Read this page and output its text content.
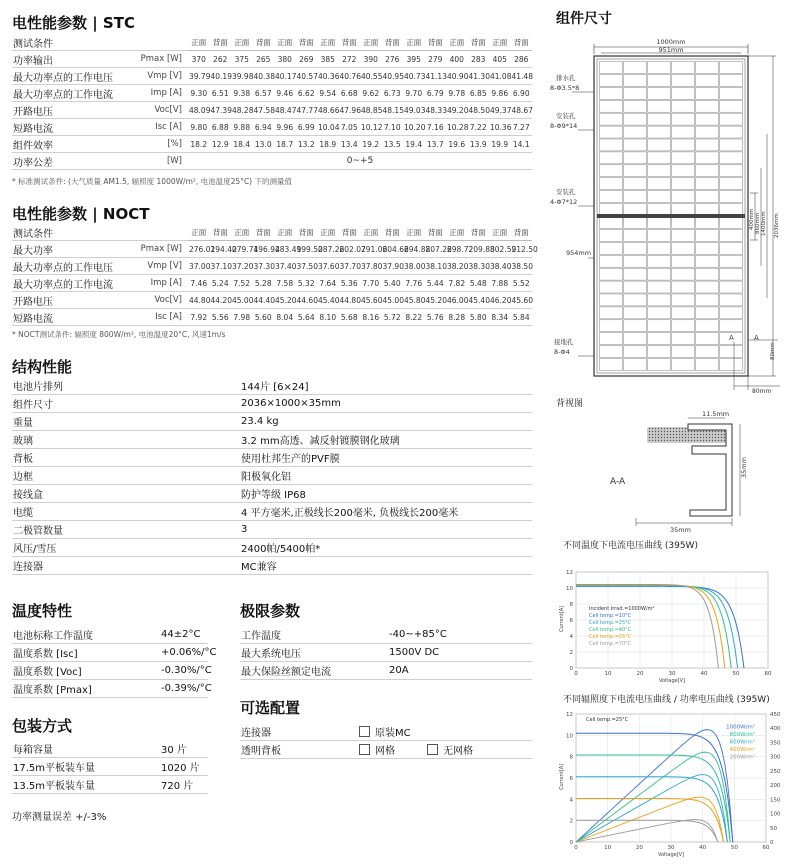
电性能参数 | STC
测试条件		正面	背面	正面	背面	正面	背面	正面	背面	正面	背面	正面	背面	正面	背面	正面	背面
功率输出	Pmax [W]	370	262	375	265	380	269	385	272	390	276	395	279	400	283	405	286
最大功率点的工作电压	Vmp [V]	39.79	40.19	39.98	40.38	40.17	40.57	40.36	40.76	40.55	40.95	40.73	41.13	40.90	41.30	41.08	41.48
最大功率点的工作电流	Imp [A]	9.30	6.51	9.38	6.57	9.46	6.62	9.54	6.68	9.62	6.73	9.70	6.79	9.78	6.85	9.86	6.90
开路电压	Voc[V]	48.09	47.39	48.28	47.58	48.47	47.77	48.66	47.96	48.85	48.15	49.03	48.33	49.20	48.50	49.37	48.67
短路电流	Isc [A]	9.80	6.88	9.88	6.94	9.96	6.99	10.04	7.05	10.12	7.10	10.20	7.16	10.28	7.22	10.36	7.27
组件效率	[%]	18.2	12.9	18.4	13.0	18.7	13.2	18.9	13.4	19.2	13.5	19.4	13.7	19.6	13.9	19.9	14.1
功率公差	[W]	0~+5															
* 标准测试条件: (大气质量 AM1.5, 辐照度 1000W/m², 电池温度25°C) 下的测量值
电性能参数 | NOCT
测试条件		正面	背面	正面	背面	正面	背面	正面	背面	正面	背面	正面	背面	正面	背面	正面	背面
最大功率	Pmax [W]	276.02	194.40	279.74	196.94	283.49	199.50	287.26	202.07	291.06	204.66	294.88	207.26	298.72	209.88	302.59	212.50
最大功率点的工作电压	Vmp [V]	37.00	37.10	37.20	37.30	37.40	37.50	37.60	37.70	37.80	37.90	38.00	38.10	38.20	38.30	38.40	38.50
最大功率点的工作电流	Imp [A]	7.46	5.24	7.52	5.28	7.58	5.32	7.64	5.36	7.70	5.40	7.76	5.44	7.82	5.48	7.88	5.52
开路电压	Voc[V]	44.80	44.20	45.00	44.40	45.20	44.60	45.40	44.80	45.60	45.00	45.80	45.20	46.00	45.40	46.20	45.60
短路电流	Isc [A]	7.92	5.56	7.98	5.60	8.04	5.64	8.10	5.68	8.16	5.72	8.22	5.76	8.28	5.80	8.34	5.84
* NOCT测试条件: 辐照度 800W/m², 电池温度20°C, 风速1m/s
结构性能
电池片排列	144片 [6×24]
组件尺寸	2036×1000×35mm
重量	23.4 kg
玻璃	3.2 mm高透、减反射镀膜钢化玻璃
背板	使用杜邦生产的PVF膜
边框	阳极氧化铝
接线盒	防护等级 IP68
电缆	4 平方毫米,正极线长200毫米, 负极线长200毫米
二极管数量	3
风压/雪压	2400帕/5400帕*
连接器	MC兼容
温度特性
电池标称工作温度	44±2°C
温度系数 [Isc]	+0.06%/°C
温度系数 [Voc]	-0.30%/°C
温度系数 [Pmax]	-0.39%/°C
极限参数
工作温度	-40~+85°C
最大系统电压	1500V DC
最大保险丝额定电流	20A
包装方式
每箱容量	30 片
17.5m平板装车量	1020 片
13.5m平板装车量	720 片
功率测量误差 +/-3%
可选配置
连接器	原装MC
透明背板	网格 无网格
组件尺寸
1000mm
951mm
排水孔
8-Φ3.5*8
安装孔
8-Φ9*14
安装孔
4-Φ7*12
954mm
接地孔
8-Φ4
400mm 860mm 1400mm 2036mm
80mm
A	A
80mm
背视图
11.5mm
A-A
35mm
35mm
不同温度下电流电压曲线 (395W)
0
2
4
6
8
10
12
0	10	20	30	40	50	60
Voltage[V]
Current[A]	Incident Irrad.=1000W/m²
Cell temp.=10°C
Cell temp.=25°C
Cell temp.=40°C
Cell temp.=55°C
Cell temp.=70°C
不同辐照度下电流电压曲线 / 功率电压曲线 (395W)
0
2
4
6
8
10
12
0	10	20	30	40	50	60
Voltage[V]
Current[A]
0
50
100
150
200
250
300
350
400
450
Cell temp.=25°C
1000W/m²
800W/m²
600W/m²
400W/m²
200W/m²
